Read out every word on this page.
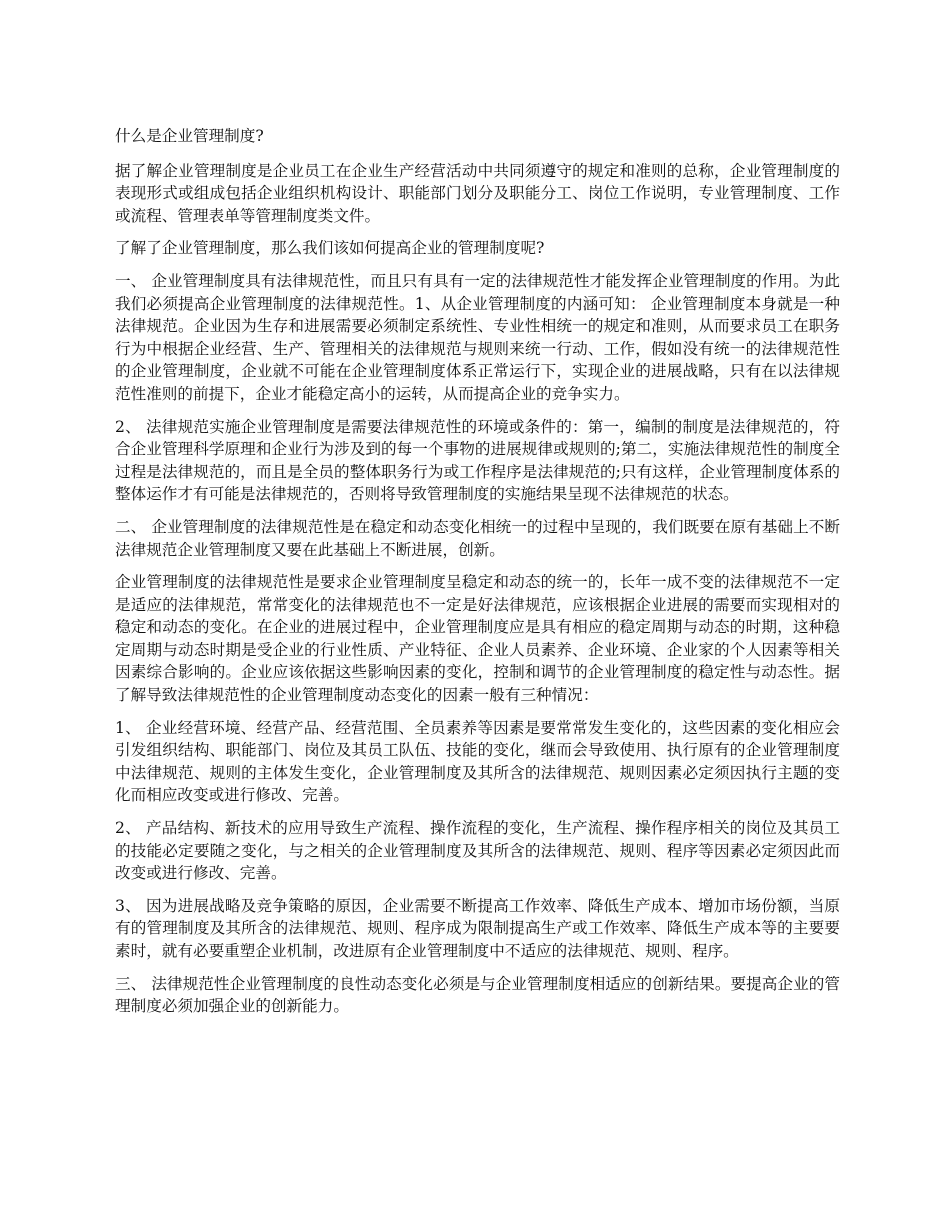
什么是企业管理制度?

据了解企业管理制度是企业员工在企业生产经营活动中共同须遵守的规定和准则的总称，企业管理制度的表现形式或组成包括企业组织机构设计、职能部门划分及职能分工、岗位工作说明，专业管理制度、工作或流程、管理表单等管理制度类文件。

了解了企业管理制度，那么我们该如何提高企业的管理制度呢?

一、 企业管理制度具有法律规范性，而且只有具有一定的法律规范性才能发挥企业管理制度的作用。为此我们必须提高企业管理制度的法律规范性。1、从企业管理制度的内涵可知： 企业管理制度本身就是一种法律规范。企业因为生存和进展需要必须制定系统性、专业性相统一的规定和准则，从而要求员工在职务行为中根据企业经营、生产、管理相关的法律规范与规则来统一行动、工作，假如没有统一的法律规范性的企业管理制度，企业就不可能在企业管理制度体系正常运行下，实现企业的进展战略，只有在以法律规范性准则的前提下，企业才能稳定高小的运转，从而提高企业的竞争实力。

2、 法律规范实施企业管理制度是需要法律规范性的环境或条件的：第一，编制的制度是法律规范的，符合企业管理科学原理和企业行为涉及到的每一个事物的进展规律或规则的;第二，实施法律规范性的制度全过程是法律规范的，而且是全员的整体职务行为或工作程序是法律规范的;只有这样，企业管理制度体系的整体运作才有可能是法律规范的，否则将导致管理制度的实施结果呈现不法律规范的状态。

二、 企业管理制度的法律规范性是在稳定和动态变化相统一的过程中呈现的，我们既要在原有基础上不断法律规范企业管理制度又要在此基础上不断进展，创新。

企业管理制度的法律规范性是要求企业管理制度呈稳定和动态的统一的，长年一成不变的法律规范不一定是适应的法律规范，常常变化的法律规范也不一定是好法律规范，应该根据企业进展的需要而实现相对的稳定和动态的变化。在企业的进展过程中，企业管理制度应是具有相应的稳定周期与动态的时期，这种稳定周期与动态时期是受企业的行业性质、产业特征、企业人员素养、企业环境、企业家的个人因素等相关因素综合影响的。企业应该依据这些影响因素的变化，控制和调节的企业管理制度的稳定性与动态性。据了解导致法律规范性的企业管理制度动态变化的因素一般有三种情况：

1、 企业经营环境、经营产品、经营范围、全员素养等因素是要常常发生变化的，这些因素的变化相应会引发组织结构、职能部门、岗位及其员工队伍、技能的变化，继而会导致使用、执行原有的企业管理制度中法律规范、规则的主体发生变化，企业管理制度及其所含的法律规范、规则因素必定须因执行主题的变化而相应改变或进行修改、完善。

2、 产品结构、新技术的应用导致生产流程、操作流程的变化，生产流程、操作程序相关的岗位及其员工的技能必定要随之变化，与之相关的企业管理制度及其所含的法律规范、规则、程序等因素必定须因此而改变或进行修改、完善。

3、 因为进展战略及竞争策略的原因，企业需要不断提高工作效率、降低生产成本、增加市场份额，当原有的管理制度及其所含的法律规范、规则、程序成为限制提高生产或工作效率、降低生产成本等的主要要素时，就有必要重塑企业机制，改进原有企业管理制度中不适应的法律规范、规则、程序。

三、 法律规范性企业管理制度的良性动态变化必须是与企业管理制度相适应的创新结果。要提高企业的管理制度必须加强企业的创新能力。
